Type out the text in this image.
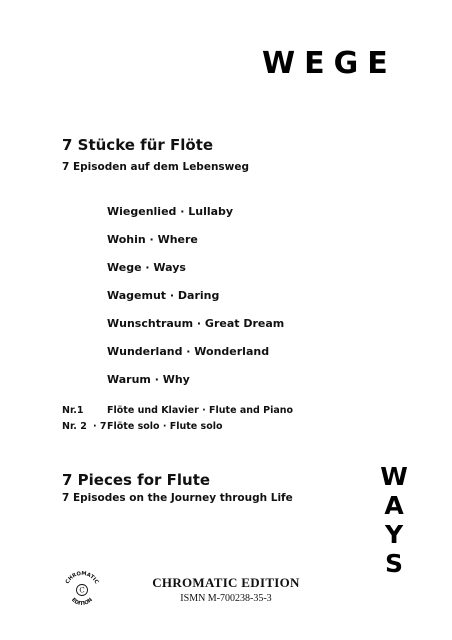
WEGE
7 Stücke für Flöte
7 Episoden auf dem Lebensweg
Wiegenlied · Lullaby
Wohin · Where
Wege · Ways
Wagemut · Daring
Wunschtraum · Great Dream
Wunderland · Wonderland
Warum · Why
Nr.1 Flöte und Klavier · Flute and Piano
Nr. 2 · 7 Flöte solo · Flute solo
7 Pieces for Flute
7 Episodes on the Journey through Life
W
A
Y
S
CHROMATIC
EDITION
C
CHROMATIC EDITION
ISMN M-700238-35-3
